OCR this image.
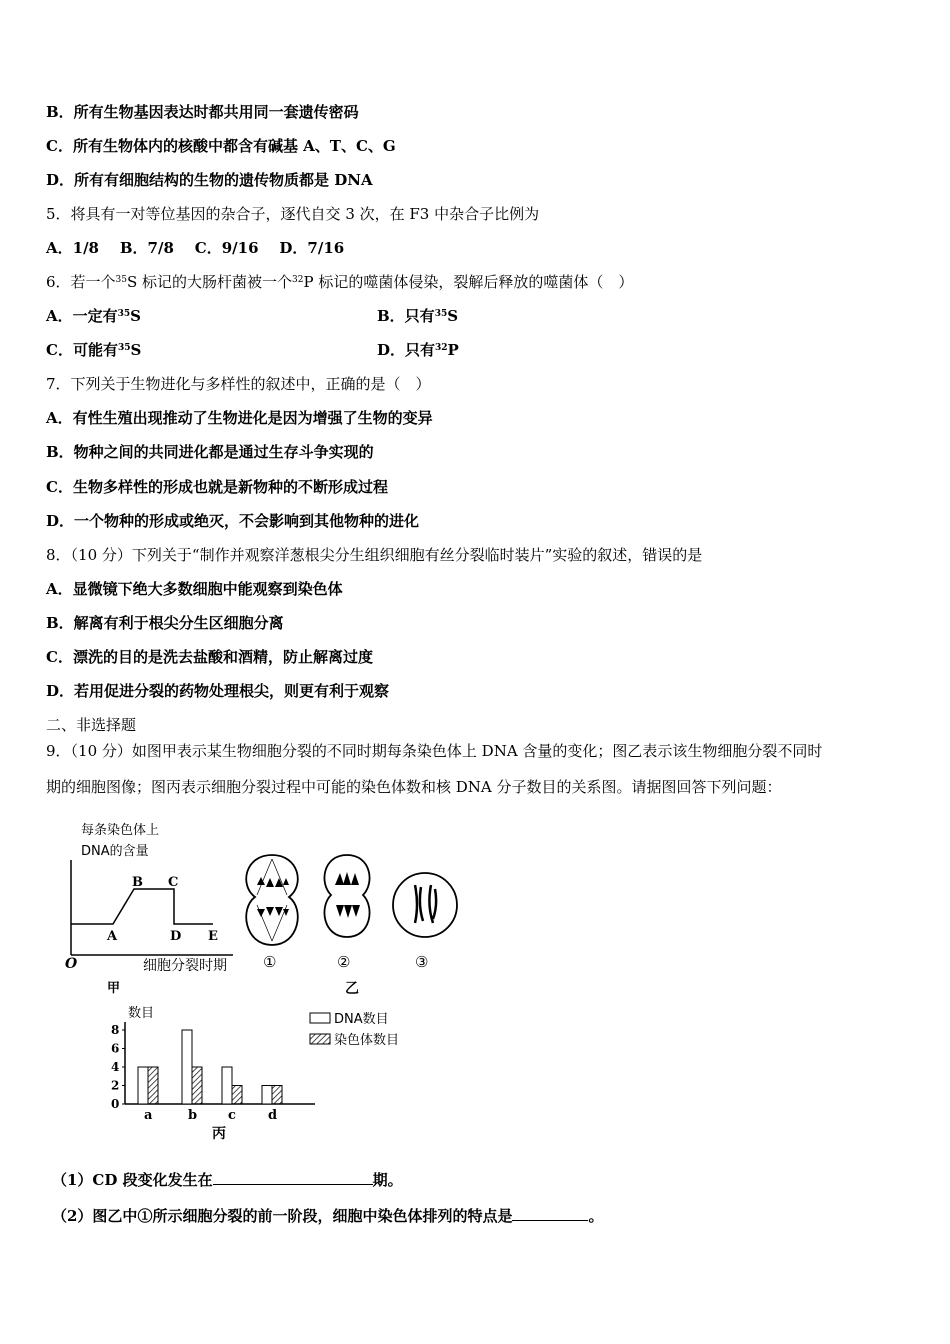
B．所有生物基因表达时都共用同一套遗传密码
C．所有生物体内的核酸中都含有碱基 A、T、C、G
D．所有有细胞结构的生物的遗传物质都是 DNA
5．将具有一对等位基因的杂合子，逐代自交 3 次，在 F3 中杂合子比例为
A．1/8    B．7/8    C．9/16    D．7/16
6．若一个$^{35}$S 标记的大肠杆菌被一个$^{32}$P 标记的噬菌体侵染，裂解后释放的噬菌体（　）
A．一定有$^{35}$S	B．只有$^{35}$S
C．可能有$^{35}$S	D．只有$^{32}$P
7．下列关于生物进化与多样性的叙述中，正确的是（　）
A．有性生殖出现推动了生物进化是因为增强了生物的变异
B．物种之间的共同进化都是通过生存斗争实现的
C．生物多样性的形成也就是新物种的不断形成过程
D．一个物种的形成或绝灭，不会影响到其他物种的进化
8．（10 分）下列关于“制作并观察洋葱根尖分生组织细胞有丝分裂临时装片”实验的叙述，错误的是
A．显微镜下绝大多数细胞中能观察到染色体
B．解离有利于根尖分生区细胞分离
C．漂洗的目的是洗去盐酸和酒精，防止解离过度
D．若用促进分裂的药物处理根尖，则更有利于观察
二、非选择题
9．（10 分）如图甲表示某生物细胞分裂的不同时期每条染色体上 DNA 含量的变化；图乙表示该生物细胞分裂不同时
期的细胞图像；图丙表示细胞分裂过程中可能的染色体数和核 DNA 分子数目的关系图。请据图回答下列问题：
每条染色体上
DNA的含量
细胞分裂时期
O
A
B C
D E
甲
①	②	③
乙
数目
0
2
4
6
8
a	b c d
DNA数目
染色体数目
丙
（1）CD 段变化发生在	期。
（2）图乙中①所示细胞分裂的前一阶段，细胞中染色体排列的特点是	。
